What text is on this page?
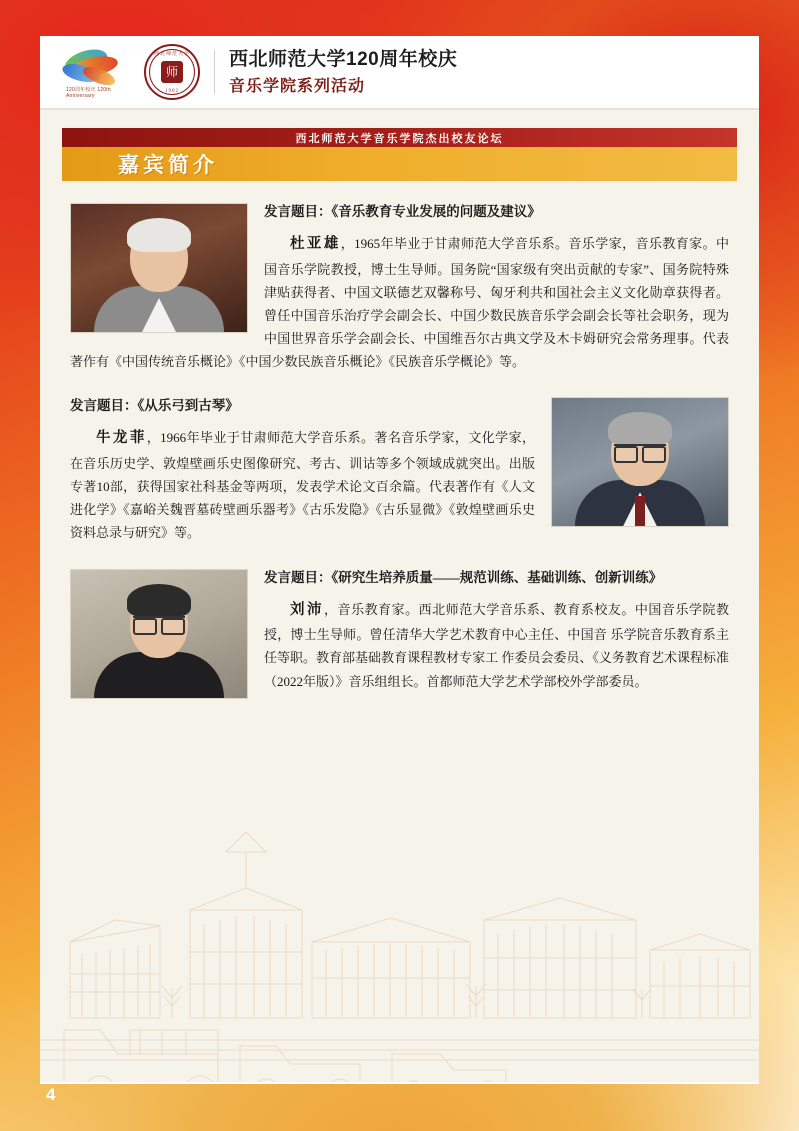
120周年校庆 120th Anniversary
西北师范大学
师
1902
西北师范大学120周年校庆
音乐学院系列活动
西北师范大学音乐学院杰出校友论坛
嘉宾简介
发言题目：《音乐教育专业发展的问题及建议》
杜亚雄，1965年毕业于甘肃师范大学音乐系。音乐学家，音乐教育家。中国音乐学院教授，博士生导师。国务院“国家级有突出贡献的专家”、国务院特殊津贴获得者、中国文联德艺双馨称号、匈牙利共和国社会主义文化勋章获得者。曾任中国音乐治疗学会副会长、中国少数民族音乐学会副会长等社会职务，现为中国世界音乐学会副会长、中国维吾尔古典文学及木卡姆研究会常务理事。代表著作有《中国传统音乐概论》《中国少数民族音乐概论》《民族音乐学概论》等。
发言题目：《从乐弓到古琴》
牛龙菲，1966年毕业于甘肃师范大学音乐系。著名音乐学家，文化学家，在音乐历史学、敦煌壁画乐史图像研究、考古、训诂等多个领域成就突出。出版专著10部，获得国家社科基金等两项，发表学术论文百余篇。代表著作有《人文进化学》《嘉峪关魏晋墓砖壁画乐器考》《古乐发隐》《古乐显微》《敦煌壁画乐史资料总录与研究》等。
发言题目：《研究生培养质量——规范训练、基础训练、创新训练》
刘沛，音乐教育家。西北师范大学音乐系、教育系校友。中国音乐学院教授，博士生导师。曾任清华大学艺术教育中心主任、中国音 乐学院音乐教育系主任等职。教育部基础教育课程教材专家工 作委员会委员、《义务教育艺术课程标准（2022年版）》音乐组组长。首都师范大学艺术学部校外学部委员。
4
